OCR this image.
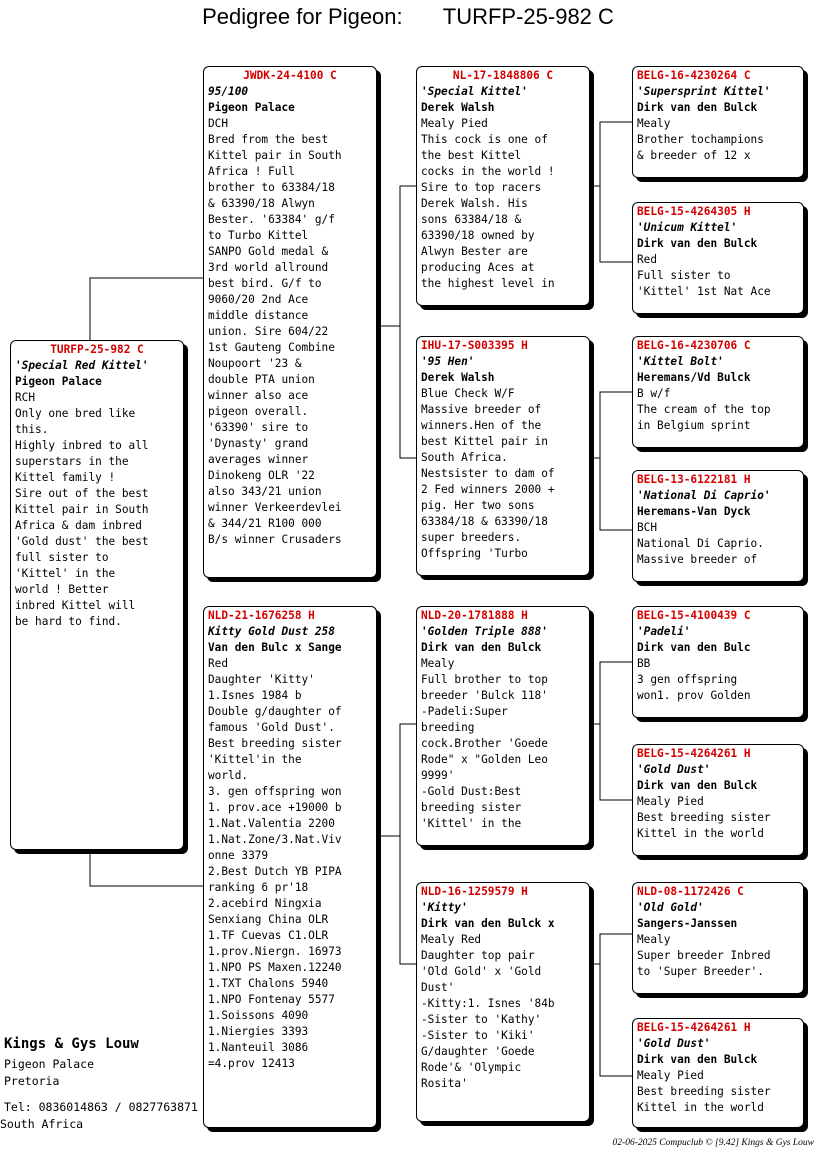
Pedigree for Pigeon: TURFP-25-982 C
TURFP-25-982 C
'Special Red Kittel'
Pigeon Palace
RCH
Only one bred like
this.
Highly inbred to all
superstars in the
Kittel family !
Sire out of the best
Kittel pair in South
Africa & dam inbred
'Gold dust' the best
full sister to
'Kittel' in the
world ! Better
inbred Kittel will
be hard to find.
JWDK-24-4100 C
95/100
Pigeon Palace
DCH
Bred from the best
Kittel pair in South
Africa ! Full
brother to 63384/18
& 63390/18 Alwyn
Bester. '63384' g/f
to Turbo Kittel
SANPO Gold medal &
3rd world allround
best bird. G/f to
9060/20 2nd Ace
middle distance
union. Sire 604/22
1st Gauteng Combine
Noupoort '23 &
double PTA union
winner also ace
pigeon overall.
'63390' sire to
'Dynasty' grand
averages winner
Dinokeng OLR '22
also 343/21 union
winner Verkeerdevlei
& 344/21 R100 000
B/s winner Crusaders
NLD-21-1676258 H
Kitty Gold Dust 258
Van den Bulc x Sange
Red
Daughter 'Kitty'
1.Isnes 1984 b
Double g/daughter of
famous 'Gold Dust'.
Best breeding sister
'Kittel'in the
world.
3. gen offspring won
1. prov.ace +19000 b
1.Nat.Valentia 2200
1.Nat.Zone/3.Nat.Viv
onne 3379
2.Best Dutch YB PIPA
ranking 6 pr'18
2.acebird Ningxia
Senxiang China OLR
1.TF Cuevas C1.OLR
1.prov.Niergn. 16973
1.NPO PS Maxen.12240
1.TXT Chalons 5940
1.NPO Fontenay 5577
1.Soissons 4090
1.Niergies 3393
1.Nanteuil 3086
=4.prov 12413
NL-17-1848806 C
'Special Kittel'
Derek Walsh
Mealy Pied
This cock is one of
the best Kittel
cocks in the world !
Sire to top racers
Derek Walsh. His
sons 63384/18 &
63390/18 owned by
Alwyn Bester are
producing Aces at
the highest level in
IHU-17-S003395 H
'95 Hen'
Derek Walsh
Blue Check W/F
Massive breeder of
winners.Hen of the
best Kittel pair in
South Africa.
Nestsister to dam of
2 Fed winners 2000 +
pig. Her two sons
63384/18 & 63390/18
super breeders.
Offspring 'Turbo
NLD-20-1781888 H
'Golden Triple 888'
Dirk van den Bulck
Mealy
Full brother to top
breeder 'Bulck 118'
-Padeli:Super
breeding
cock.Brother 'Goede
Rode" x "Golden Leo
9999'
-Gold Dust:Best
breeding sister
'Kittel' in the
NLD-16-1259579 H
'Kitty'
Dirk van den Bulck x
Mealy Red
Daughter top pair
'Old Gold' x 'Gold
Dust'
-Kitty:1. Isnes '84b
-Sister to 'Kathy'
-Sister to 'Kiki'
G/daughter 'Goede
Rode'& 'Olympic
Rosita'
BELG-16-4230264 C
'Supersprint Kittel'
Dirk van den Bulck
Mealy
Brother tochampions
& breeder of 12 x
BELG-15-4264305 H
'Unicum Kittel'
Dirk van den Bulck
Red
Full sister to
'Kittel' 1st Nat Ace
BELG-16-4230706 C
'Kittel Bolt'
Heremans/Vd Bulck
B w/f
The cream of the top
in Belgium sprint
BELG-13-6122181 H
'National Di Caprio'
Heremans-Van Dyck
BCH
National Di Caprio.
Massive breeder of
BELG-15-4100439 C
'Padeli'
Dirk van den Bulc
BB
3 gen offspring
won1. prov Golden
BELG-15-4264261 H
'Gold Dust'
Dirk van den Bulck
Mealy Pied
Best breeding sister
Kittel in the world
NLD-08-1172426 C
'Old Gold'
Sangers-Janssen
Mealy
Super breeder Inbred
to 'Super Breeder'.
BELG-15-4264261 H
'Gold Dust'
Dirk van den Bulck
Mealy Pied
Best breeding sister
Kittel in the world
Kings & Gys Louw
Pigeon Palace
Pretoria
Tel: 0836014863 / 0827763871
South Africa
02-06-2025 Compuclub © [9.42] Kings & Gys Louw
